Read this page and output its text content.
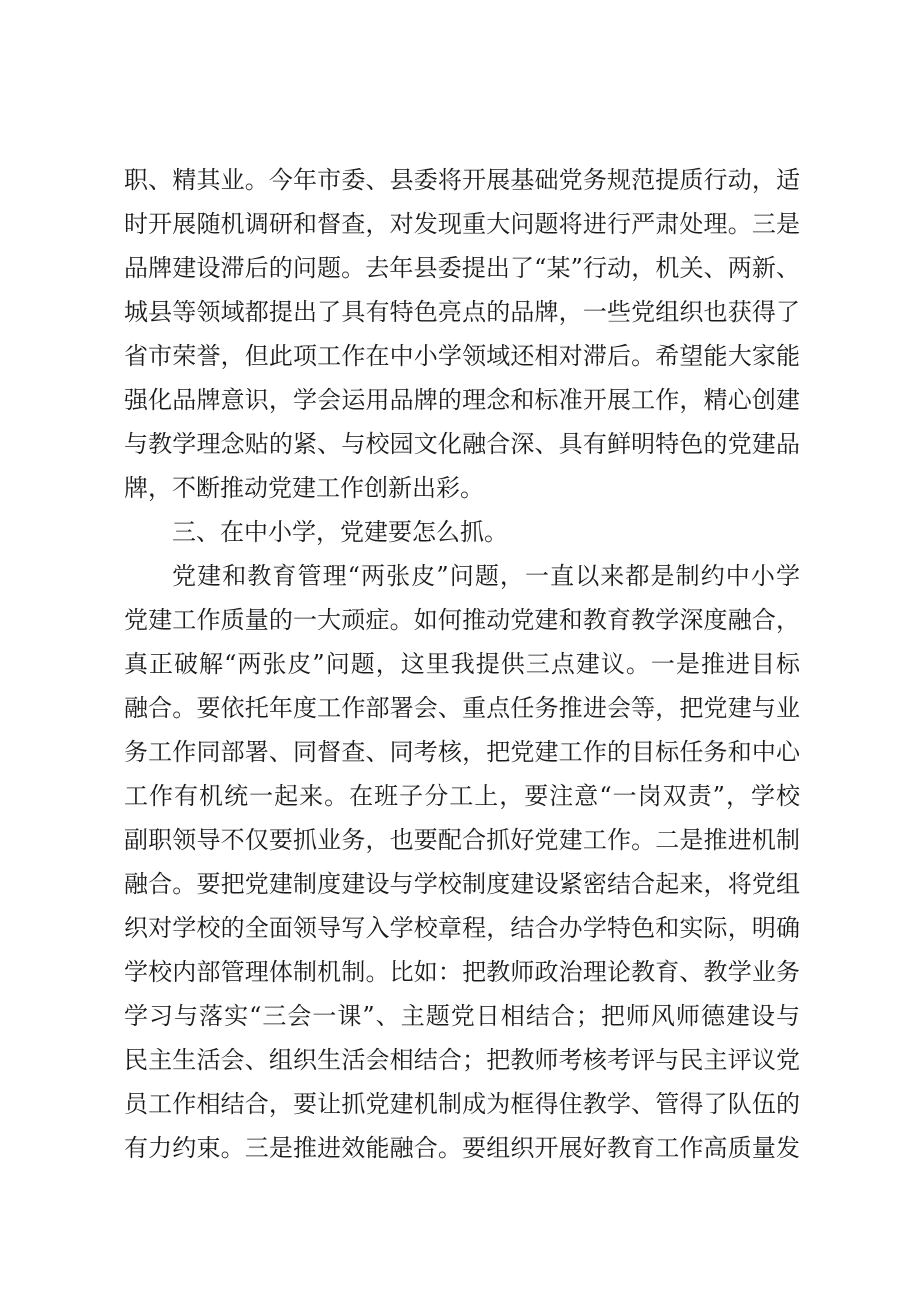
职、精其业。今年市委、县委将开展基础党务规范提质行动，适
时开展随机调研和督查，对发现重大问题将进行严肃处理。三是
品牌建设滞后的问题。去年县委提出了“某”行动，机关、两新、
城县等领域都提出了具有特色亮点的品牌，一些党组织也获得了
省市荣誉，但此项工作在中小学领域还相对滞后。希望能大家能
强化品牌意识，学会运用品牌的理念和标准开展工作，精心创建
与教学理念贴的紧、与校园文化融合深、具有鲜明特色的党建品
牌，不断推动党建工作创新出彩。
三、在中小学，党建要怎么抓。
党建和教育管理“两张皮”问题，一直以来都是制约中小学
党建工作质量的一大顽症。如何推动党建和教育教学深度融合，
真正破解“两张皮”问题，这里我提供三点建议。一是推进目标
融合。要依托年度工作部署会、重点任务推进会等，把党建与业
务工作同部署、同督查、同考核，把党建工作的目标任务和中心
工作有机统一起来。在班子分工上，要注意“一岗双责”，学校
副职领导不仅要抓业务，也要配合抓好党建工作。二是推进机制
融合。要把党建制度建设与学校制度建设紧密结合起来，将党组
织对学校的全面领导写入学校章程，结合办学特色和实际，明确
学校内部管理体制机制。比如：把教师政治理论教育、教学业务
学习与落实“三会一课”、主题党日相结合；把师风师德建设与
民主生活会、组织生活会相结合；把教师考核考评与民主评议党
员工作相结合，要让抓党建机制成为框得住教学、管得了队伍的
有力约束。三是推进效能融合。要组织开展好教育工作高质量发
